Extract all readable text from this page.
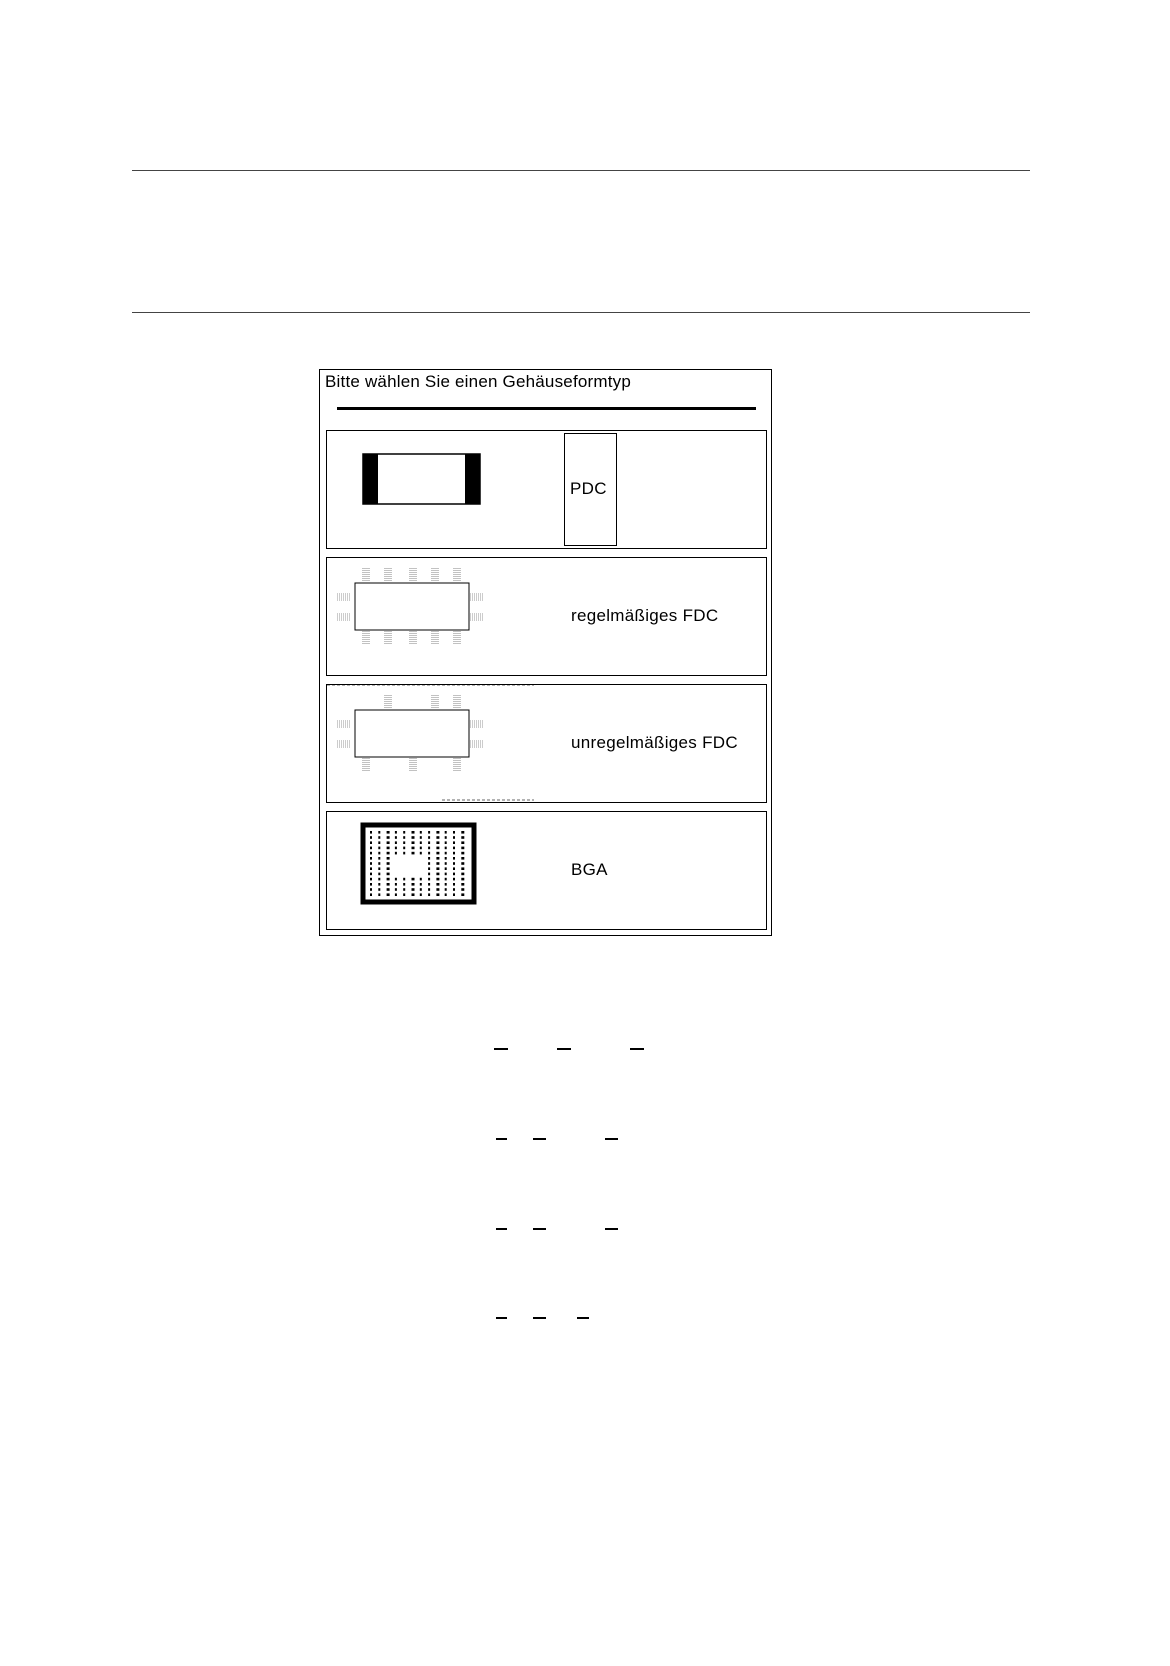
Bitte wählen Sie einen Gehäuseformtyp
PDC
regelmäßiges FDC
unregelmäßiges FDC
BGA
